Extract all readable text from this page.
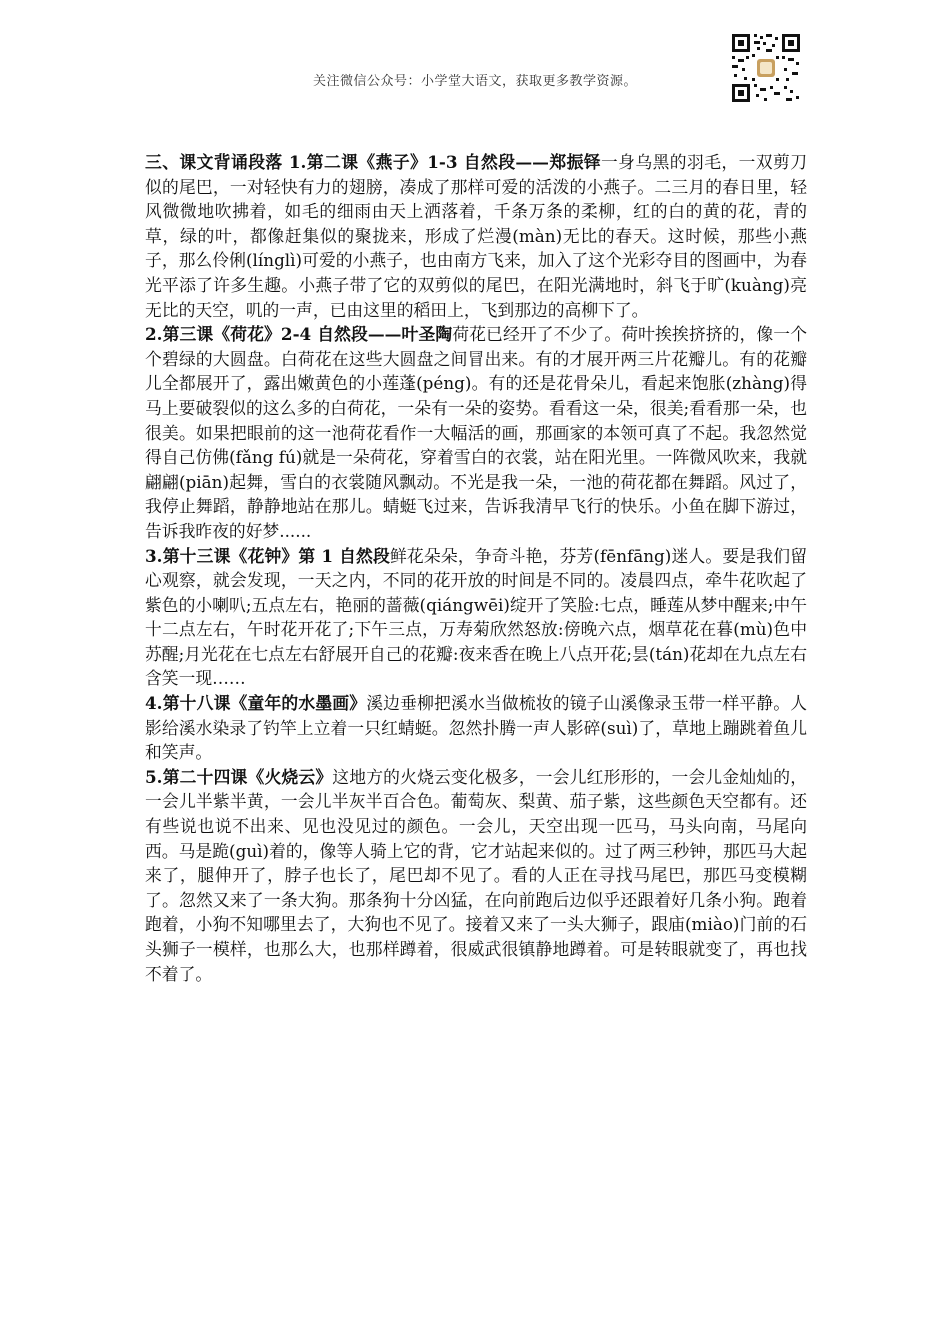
关注微信公众号：小学堂大语文，获取更多教学资源。

三、课文背诵段落 1.第二课《燕子》1-3 自然段——郑振铎一身乌黑的羽毛，一双剪刀似的尾巴，一对轻快有力的翅膀，凑成了那样可爱的活泼的小燕子。二三月的春日里，轻风微微地吹拂着，如毛的细雨由天上洒落着，千条万条的柔柳，红的白的黄的花，青的草，绿的叶，都像赶集似的聚拢来，形成了烂漫(màn)无比的春天。这时候，那些小燕子，那么伶俐(línglì)可爱的小燕子，也由南方飞来，加入了这个光彩夺目的图画中，为春光平添了许多生趣。小燕子带了它的双剪似的尾巴，在阳光满地时，斜飞于旷(kuàng)亮无比的天空，叽的一声，已由这里的稻田上，飞到那边的高柳下了。

2.第三课《荷花》2-4 自然段——叶圣陶荷花已经开了不少了。荷叶挨挨挤挤的，像一个个碧绿的大圆盘。白荷花在这些大圆盘之间冒出来。有的才展开两三片花瓣儿。有的花瓣儿全都展开了，露出嫩黄色的小莲蓬(péng)。有的还是花骨朵儿，看起来饱胀(zhàng)得马上要破裂似的这么多的白荷花，一朵有一朵的姿势。看看这一朵，很美;看看那一朵，也很美。如果把眼前的这一池荷花看作一大幅活的画，那画家的本领可真了不起。我忽然觉得自己仿佛(fǎng fú)就是一朵荷花，穿着雪白的衣裳，站在阳光里。一阵微风吹来，我就翩翩(piān)起舞，雪白的衣裳随风飘动。不光是我一朵，一池的荷花都在舞蹈。风过了，我停止舞蹈，静静地站在那儿。蜻蜓飞过来，告诉我清早飞行的快乐。小鱼在脚下游过，告诉我昨夜的好梦......

3.第十三课《花钟》第 1 自然段鲜花朵朵，争奇斗艳，芬芳(fēnfāng)迷人。要是我们留心观察，就会发现，一天之内，不同的花开放的时间是不同的。凌晨四点，牵牛花吹起了紫色的小喇叭;五点左右，艳丽的蔷薇(qiángwēi)绽开了笑脸:七点，睡莲从梦中醒来;中午十二点左右，午时花开花了;下午三点，万寿菊欣然怒放:傍晚六点，烟草花在暮(mù)色中苏醒;月光花在七点左右舒展开自己的花瓣:夜来香在晚上八点开花;昙(tán)花却在九点左右含笑一现……

4.第十八课《童年的水墨画》溪边垂柳把溪水当做梳妆的镜子山溪像录玉带一样平静。人影给溪水染录了钓竿上立着一只红蜻蜓。忽然扑腾一声人影碎(suì)了，草地上蹦跳着鱼儿和笑声。

5.第二十四课《火烧云》这地方的火烧云变化极多，一会儿红形形的，一会儿金灿灿的，一会儿半紫半黄，一会儿半灰半百合色。葡萄灰、梨黄、茄子紫，这些颜色天空都有。还有些说也说不出来、见也没见过的颜色。一会儿，天空出现一匹马，马头向南，马尾向西。马是跪(guì)着的，像等人骑上它的背，它才站起来似的。过了两三秒钟，那匹马大起来了，腿伸开了，脖子也长了，尾巴却不见了。看的人正在寻找马尾巴，那匹马变模糊了。忽然又来了一条大狗。那条狗十分凶猛，在向前跑后边似乎还跟着好几条小狗。跑着跑着，小狗不知哪里去了，大狗也不见了。接着又来了一头大狮子，跟庙(miào)门前的石头狮子一模样，也那么大，也那样蹲着，很威武很镇静地蹲着。可是转眼就变了，再也找不着了。
